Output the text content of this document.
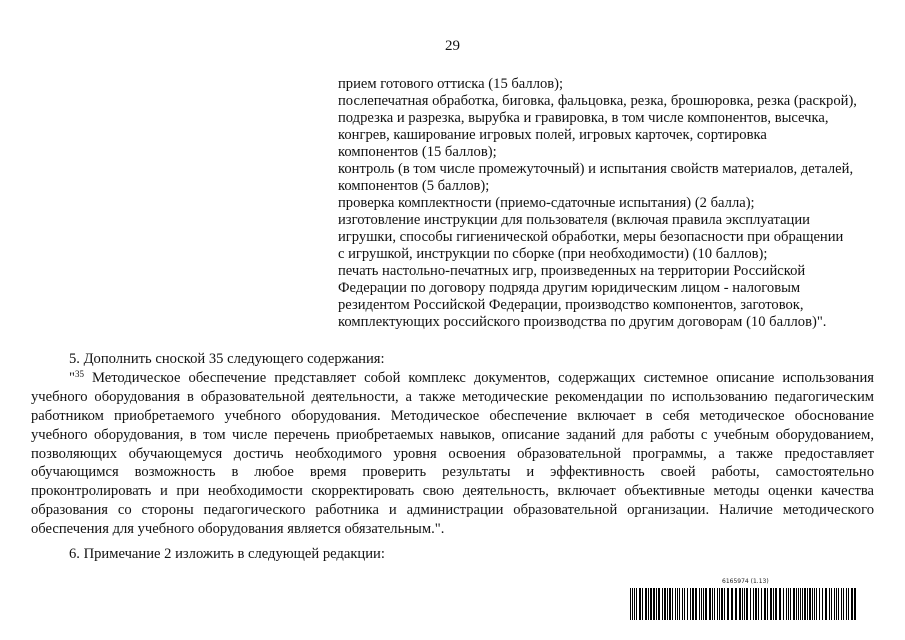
29
прием готового оттиска (15 баллов);
послепечатная обработка, биговка, фальцовка, резка, брошюровка, резка (раскрой),
подрезка и разрезка, вырубка и гравировка, в том числе компонентов, высечка,
конгрев, каширование игровых полей, игровых карточек, сортировка
компонентов (15 баллов);
контроль (в том числе промежуточный) и испытания свойств материалов, деталей,
компонентов (5 баллов);
проверка комплектности (приемо-сдаточные испытания) (2 балла);
изготовление инструкции для пользователя (включая правила эксплуатации
игрушки, способы гигиенической обработки, меры безопасности при обращении
с игрушкой, инструкции по сборке (при необходимости) (10 баллов);
печать настольно-печатных игр, произведенных на территории Российской
Федерации по договору подряда другим юридическим лицом - налоговым
резидентом Российской Федерации, производство компонентов, заготовок,
комплектующих российского производства по другим договорам (10 баллов)".
5. Дополнить сноской 35 следующего содержания:
"$^{35}$ Методическое обеспечение представляет собой комплекс документов, содержащих системное описание использования
учебного оборудования в образовательной деятельности, а также методические рекомендации по использованию педагогическим
работником приобретаемого учебного оборудования. Методическое обеспечение включает в себя методическое обоснование
учебного оборудования, в том числе перечень приобретаемых навыков, описание заданий для работы с учебным оборудованием,
позволяющих обучающемуся достичь необходимого уровня освоения образовательной программы, а также предоставляет
обучающимся возможность в любое время проверить результаты и эффективность своей работы, самостоятельно
проконтролировать и при необходимости скорректировать свою деятельность, включает объективные методы оценки качества
образования со стороны педагогического работника и администрации образовательной организации. Наличие методического
обеспечения для учебного оборудования является обязательным.".
6. Примечание 2 изложить в следующей редакции:
6165974 (1.13)
